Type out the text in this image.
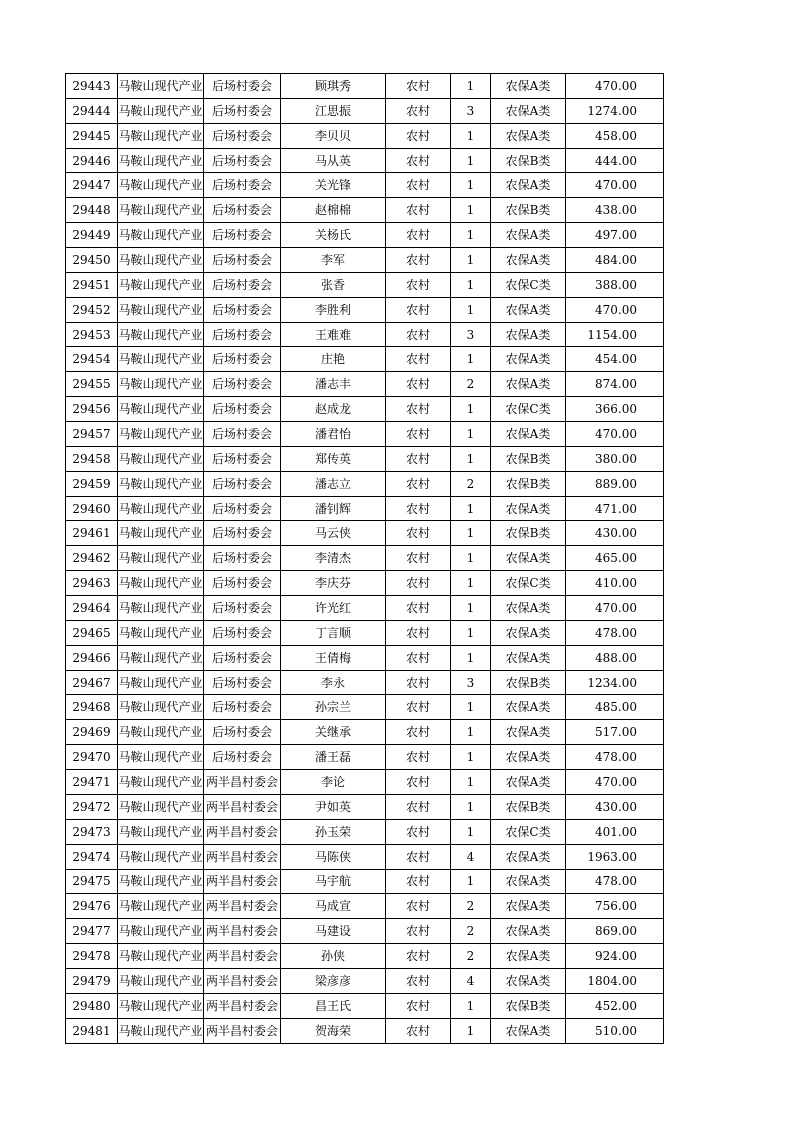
29443	马鞍山现代产业	后场村委会	顾琪秀	农村	1	农保A类	470.00
29444	马鞍山现代产业	后场村委会	江思振	农村	3	农保A类	1274.00
29445	马鞍山现代产业	后场村委会	李贝贝	农村	1	农保A类	458.00
29446	马鞍山现代产业	后场村委会	马从英	农村	1	农保B类	444.00
29447	马鞍山现代产业	后场村委会	关光锋	农村	1	农保A类	470.00
29448	马鞍山现代产业	后场村委会	赵棉棉	农村	1	农保B类	438.00
29449	马鞍山现代产业	后场村委会	关杨氏	农村	1	农保A类	497.00
29450	马鞍山现代产业	后场村委会	李军	农村	1	农保A类	484.00
29451	马鞍山现代产业	后场村委会	张香	农村	1	农保C类	388.00
29452	马鞍山现代产业	后场村委会	李胜利	农村	1	农保A类	470.00
29453	马鞍山现代产业	后场村委会	王难难	农村	3	农保A类	1154.00
29454	马鞍山现代产业	后场村委会	庄艳	农村	1	农保A类	454.00
29455	马鞍山现代产业	后场村委会	潘志丰	农村	2	农保A类	874.00
29456	马鞍山现代产业	后场村委会	赵成龙	农村	1	农保C类	366.00
29457	马鞍山现代产业	后场村委会	潘君怡	农村	1	农保A类	470.00
29458	马鞍山现代产业	后场村委会	郑传英	农村	1	农保B类	380.00
29459	马鞍山现代产业	后场村委会	潘志立	农村	2	农保B类	889.00
29460	马鞍山现代产业	后场村委会	潘钊辉	农村	1	农保A类	471.00
29461	马鞍山现代产业	后场村委会	马云侠	农村	1	农保B类	430.00
29462	马鞍山现代产业	后场村委会	李清杰	农村	1	农保A类	465.00
29463	马鞍山现代产业	后场村委会	李庆芬	农村	1	农保C类	410.00
29464	马鞍山现代产业	后场村委会	许光红	农村	1	农保A类	470.00
29465	马鞍山现代产业	后场村委会	丁言顺	农村	1	农保A类	478.00
29466	马鞍山现代产业	后场村委会	王倩梅	农村	1	农保A类	488.00
29467	马鞍山现代产业	后场村委会	李永	农村	3	农保B类	1234.00
29468	马鞍山现代产业	后场村委会	孙宗兰	农村	1	农保A类	485.00
29469	马鞍山现代产业	后场村委会	关继承	农村	1	农保A类	517.00
29470	马鞍山现代产业	后场村委会	潘王磊	农村	1	农保A类	478.00
29471	马鞍山现代产业	两半昌村委会	李论	农村	1	农保A类	470.00
29472	马鞍山现代产业	两半昌村委会	尹如英	农村	1	农保B类	430.00
29473	马鞍山现代产业	两半昌村委会	孙玉荣	农村	1	农保C类	401.00
29474	马鞍山现代产业	两半昌村委会	马陈侠	农村	4	农保A类	1963.00
29475	马鞍山现代产业	两半昌村委会	马宇航	农村	1	农保A类	478.00
29476	马鞍山现代产业	两半昌村委会	马成宣	农村	2	农保A类	756.00
29477	马鞍山现代产业	两半昌村委会	马建设	农村	2	农保A类	869.00
29478	马鞍山现代产业	两半昌村委会	孙侠	农村	2	农保A类	924.00
29479	马鞍山现代产业	两半昌村委会	梁彦彦	农村	4	农保A类	1804.00
29480	马鞍山现代产业	两半昌村委会	昌王氏	农村	1	农保B类	452.00
29481	马鞍山现代产业	两半昌村委会	贺海荣	农村	1	农保A类	510.00
